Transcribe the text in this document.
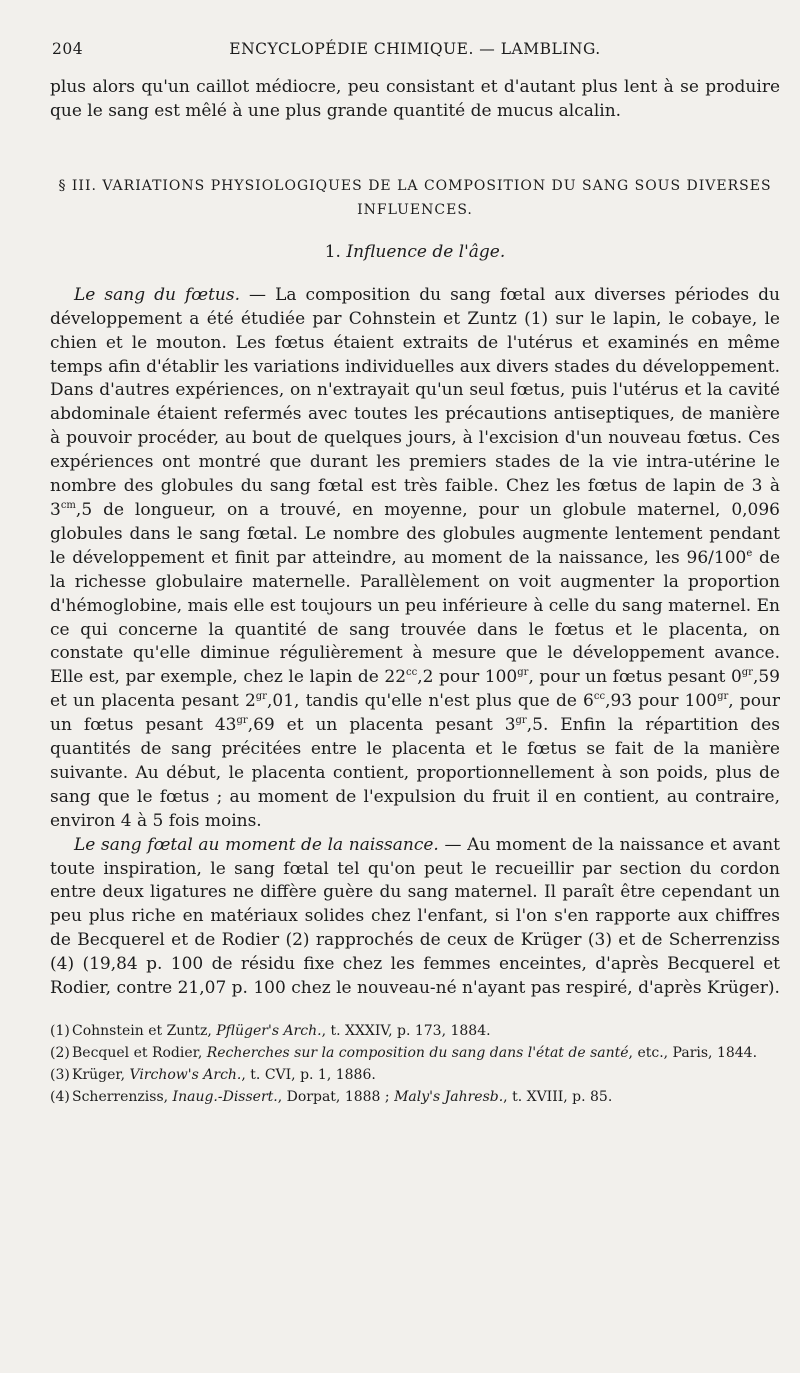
204	ENCYCLOPÉDIE CHIMIQUE. — LAMBLING.

plus alors qu'un caillot médiocre, peu consistant et d'autant plus lent à se produire que le sang est mêlé à une plus grande quantité de mucus alcalin.

§ III. VARIATIONS PHYSIOLOGIQUES DE LA COMPOSITION DU SANG SOUS DIVERSES INFLUENCES.
1. Influence de l'âge.

Le sang du fœtus. — La composition du sang fœtal aux diverses périodes du développement a été étudiée par Cohnstein et Zuntz (1) sur le lapin, le cobaye, le chien et le mouton. Les fœtus étaient extraits de l'utérus et examinés en même temps afin d'établir les variations individuelles aux divers stades du développement. Dans d'autres expériences, on n'extrayait qu'un seul fœtus, puis l'utérus et la cavité abdominale étaient refermés avec toutes les précautions antiseptiques, de manière à pouvoir procéder, au bout de quelques jours, à l'excision d'un nouveau fœtus. Ces expériences ont montré que durant les premiers stades de la vie intra-utérine le nombre des globules du sang fœtal est très faible. Chez les fœtus de lapin de 3 à $3^{cm},5$ de longueur, on a trouvé, en moyenne, pour un globule maternel, 0,096 globules dans le sang fœtal. Le nombre des globules augmente lentement pendant le développement et finit par atteindre, au moment de la naissance, les 96/100e de la richesse globulaire maternelle. Parallèlement on voit augmenter la proportion d'hémoglobine, mais elle est toujours un peu inférieure à celle du sang maternel. En ce qui concerne la quantité de sang trouvée dans le fœtus et le placenta, on constate qu'elle diminue régulièrement à mesure que le développement avance. Elle est, par exemple, chez le lapin de $22^{cc},2$ pour $100^{gr}$, pour un fœtus pesant $0^{gr},59$ et un placenta pesant $2^{gr},01$, tandis qu'elle n'est plus que de $6^{cc},93$ pour $100^{gr}$, pour un fœtus pesant $43^{gr},69$ et un placenta pesant $3^{gr},5$. Enfin la répartition des quantités de sang précitées entre le placenta et le fœtus se fait de la manière suivante. Au début, le placenta contient, proportionnellement à son poids, plus de sang que le fœtus ; au moment de l'expulsion du fruit il en contient, au contraire, environ 4 à 5 fois moins.

Le sang fœtal au moment de la naissance. — Au moment de la naissance et avant toute inspiration, le sang fœtal tel qu'on peut le recueillir par section du cordon entre deux ligatures ne diffère guère du sang maternel. Il paraît être cependant un peu plus riche en matériaux solides chez l'enfant, si l'on s'en rapporte aux chiffres de Becquerel et de Rodier (2) rapprochés de ceux de Krüger (3) et de Scherrenziss (4) (19,84 p. 100 de résidu fixe chez les femmes enceintes, d'après Becquerel et Rodier, contre 21,07 p. 100 chez le nouveau-né n'ayant pas respiré, d'après Krüger).

(1) Cohnstein et Zuntz, Pflüger's Arch., t. XXXIV, p. 173, 1884.

(2) Becquel et Rodier, Recherches sur la composition du sang dans l'état de santé, etc., Paris, 1844.

(3) Krüger, Virchow's Arch., t. CVI, p. 1, 1886.

(4) Scherrenziss, Inaug.-Dissert., Dorpat, 1888 ; Maly's Jahresb., t. XVIII, p. 85.
